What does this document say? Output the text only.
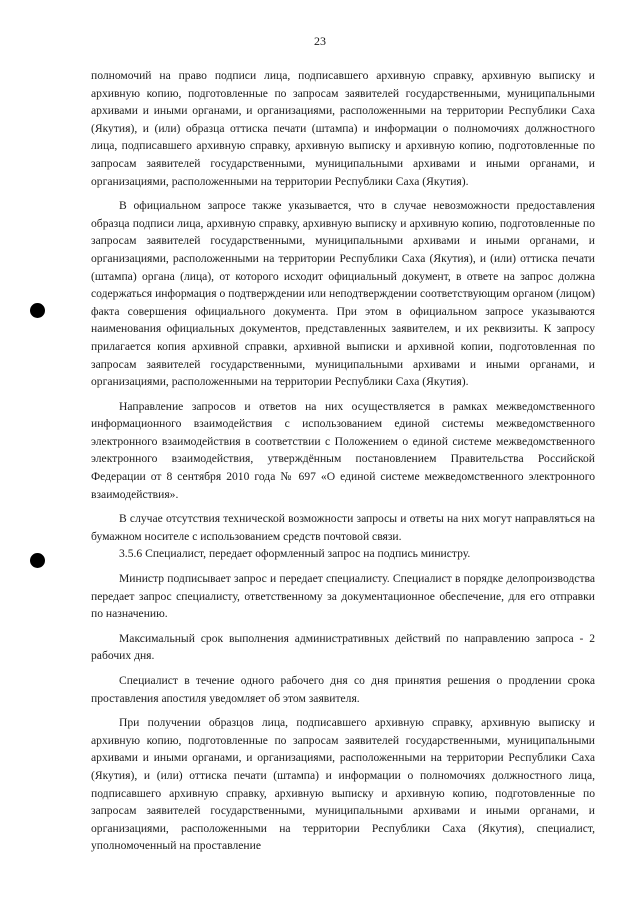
23

полномочий на право подписи лица, подписавшего архивную справку, архивную выписку и архивную копию, подготовленные по запросам заявителей государственными, муниципальными архивами и иными органами, и организациями, расположенными на территории Республики Саха (Якутия), и (или) образца оттиска печати (штампа) и информации о полномочиях должностного лица, подписавшего архивную справку, архивную выписку и архивную копию, подготовленные по запросам заявителей государственными, муниципальными архивами и иными органами, и организациями, расположенными на территории Республики Саха (Якутия).

В официальном запросе также указывается, что в случае невозможности предоставления образца подписи лица, архивную справку, архивную выписку и архивную копию, подготовленные по запросам заявителей государственными, муниципальными архивами и иными органами, и организациями, расположенными на территории Республики Саха (Якутия), и (или) оттиска печати (штампа) органа (лица), от которого исходит официальный документ, в ответе на запрос должна содержаться информация о подтверждении или неподтверждении соответствующим органом (лицом) факта совершения официального документа. При этом в официальном запросе указываются наименования официальных документов, представленных заявителем, и их реквизиты. К запросу прилагается копия архивной справки, архивной выписки и архивной копии, подготовленная по запросам заявителей государственными, муниципальными архивами и иными органами, и организациями, расположенными на территории Республики Саха (Якутия).

Направление запросов и ответов на них осуществляется в рамках межведомственного информационного взаимодействия с использованием единой системы межведомственного электронного взаимодействия в соответствии с Положением о единой системе межведомственного электронного взаимодействия, утверждённым постановлением Правительства Российской Федерации от 8 сентября 2010 года № 697 «О единой системе межведомственного электронного взаимодействия».

В случае отсутствия технической возможности запросы и ответы на них могут направляться на бумажном носителе с использованием средств почтовой связи.

3.5.6 Специалист, передает оформленный запрос на подпись министру.

Министр подписывает запрос и передает специалисту. Специалист в порядке делопроизводства передает запрос специалисту, ответственному за документационное обеспечение, для его отправки по назначению.

Максимальный срок выполнения административных действий по направлению запроса - 2 рабочих дня.

Специалист в течение одного рабочего дня со дня принятия решения о продлении срока проставления апостиля уведомляет об этом заявителя.

При получении образцов лица, подписавшего архивную справку, архивную выписку и архивную копию, подготовленные по запросам заявителей государственными, муниципальными архивами и иными органами, и организациями, расположенными на территории Республики Саха (Якутия), и (или) оттиска печати (штампа) и информации о полномочиях должностного лица, подписавшего архивную справку, архивную выписку и архивную копию, подготовленные по запросам заявителей государственными, муниципальными архивами и иными органами, и организациями, расположенными на территории Республики Саха (Якутия), специалист, уполномоченный на проставление
